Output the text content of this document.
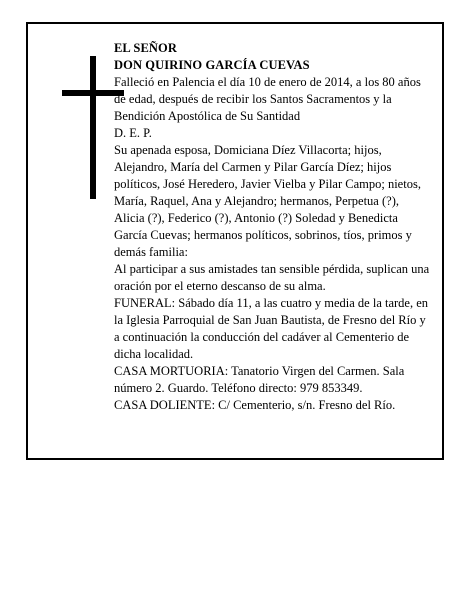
EL SEÑOR

DON QUIRINO GARCÍA CUEVAS

Falleció en Palencia el día 10 de enero de 2014, a los 80 años de edad, después de recibir los Santos Sacramentos y la Bendición Apostólica de Su Santidad

D. E. P.

Su apenada esposa, Domiciana Díez Villacorta; hijos, Alejandro, María del Carmen y Pilar García Díez; hijos políticos, José Heredero, Javier Vielba y Pilar Campo; nietos, María, Raquel, Ana y Alejandro; hermanos, Perpetua (?), Alicia (?), Federico (?), Antonio (?) Soledad y Benedicta García Cuevas; hermanos políticos, sobrinos, tíos, primos y demás familia:

Al participar a sus amistades tan sensible pérdida, suplican una oración por el eterno descanso de su alma.

FUNERAL: Sábado día 11, a las cuatro y media de la tarde, en la Iglesia Parroquial de San Juan Bautista, de Fresno del Río y a continuación la conducción del cadáver al Cementerio de dicha localidad.

CASA MORTUORIA: Tanatorio Virgen del Carmen. Sala número 2. Guardo. Teléfono directo: 979 853349.

CASA DOLIENTE: C/ Cementerio, s/n. Fresno del Río.
